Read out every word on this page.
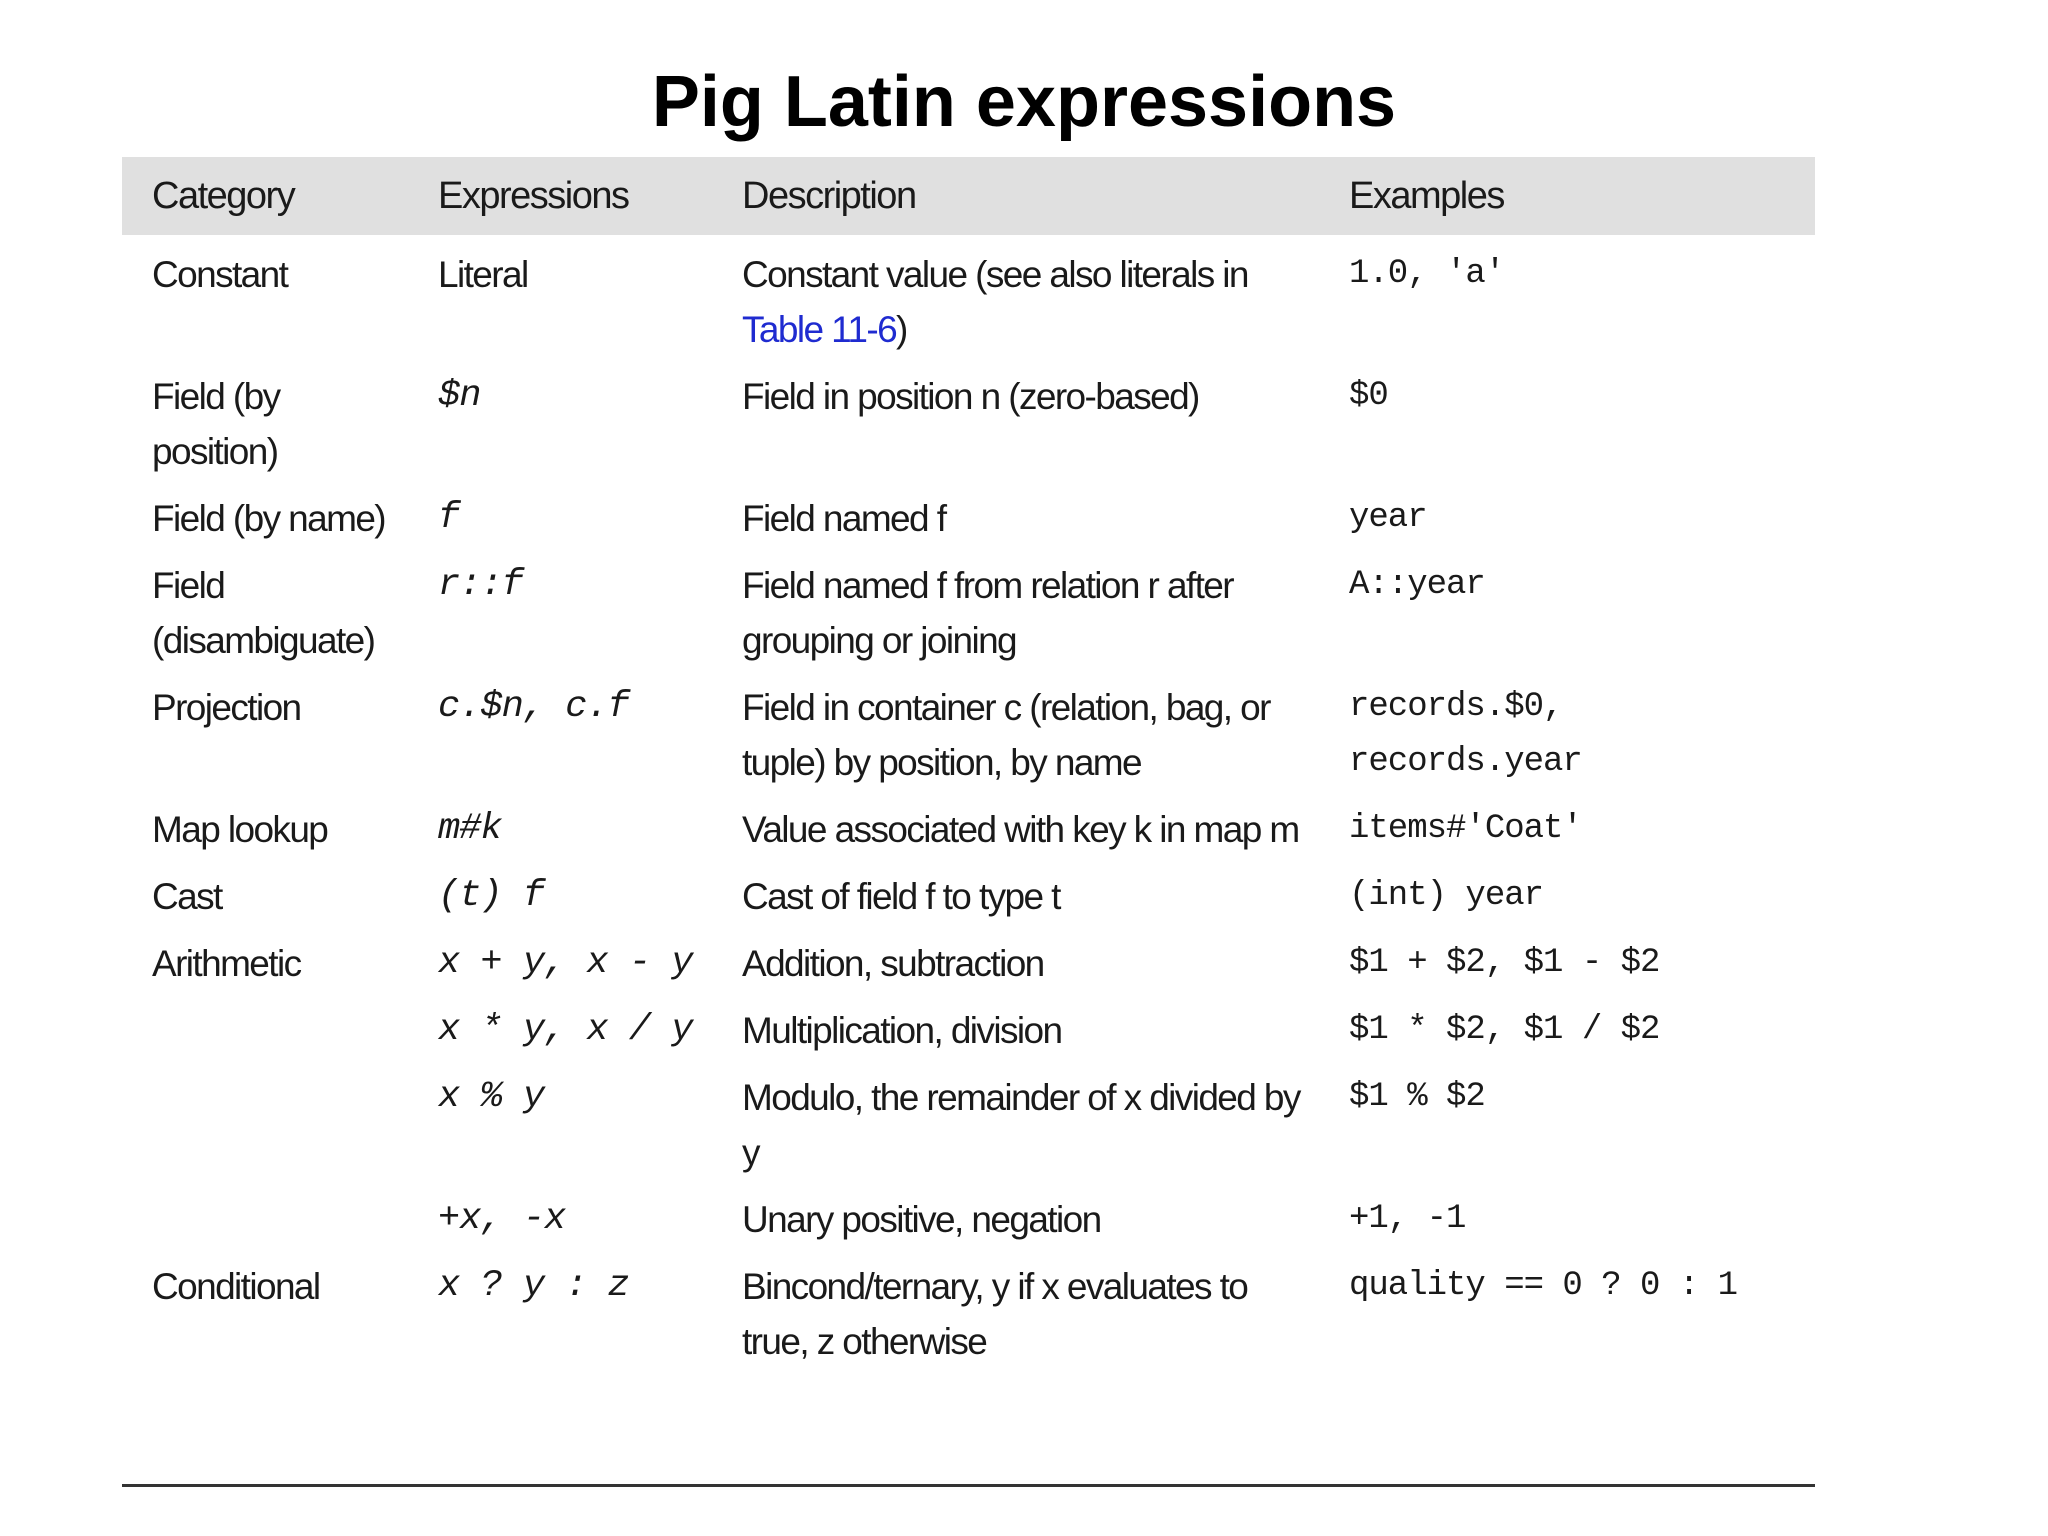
Pig Latin expressions
Category	Expressions	Description	Examples
Constant	Literal	Constant value (see also literals in Table 11-6)	1.0, 'a'
Field (by position)	$n	Field in position n (zero-based)	$0
Field (by name)	f	Field named f	year
Field (disambiguate)	r::f	Field named f from relation r after grouping or joining	A::year
Projection	c.$n, c.f	Field in container c (relation, bag, or tuple) by position, by name	records.$0, records.year
Map lookup	m#k	Value associated with key k in map m	items#'Coat'
Cast	(t) f	Cast of field f to type t	(int) year
Arithmetic	x + y, x - y	Addition, subtraction	$1 + $2, $1 - $2
	x * y, x / y	Multiplication, division	$1 * $2, $1 / $2
	x % y	Modulo, the remainder of x divided by y	$1 % $2
	+x, -x	Unary positive, negation	+1, -1
Conditional	x ? y : z	Bincond/ternary, y if x evaluates to true, z otherwise	quality == 0 ? 0 : 1
